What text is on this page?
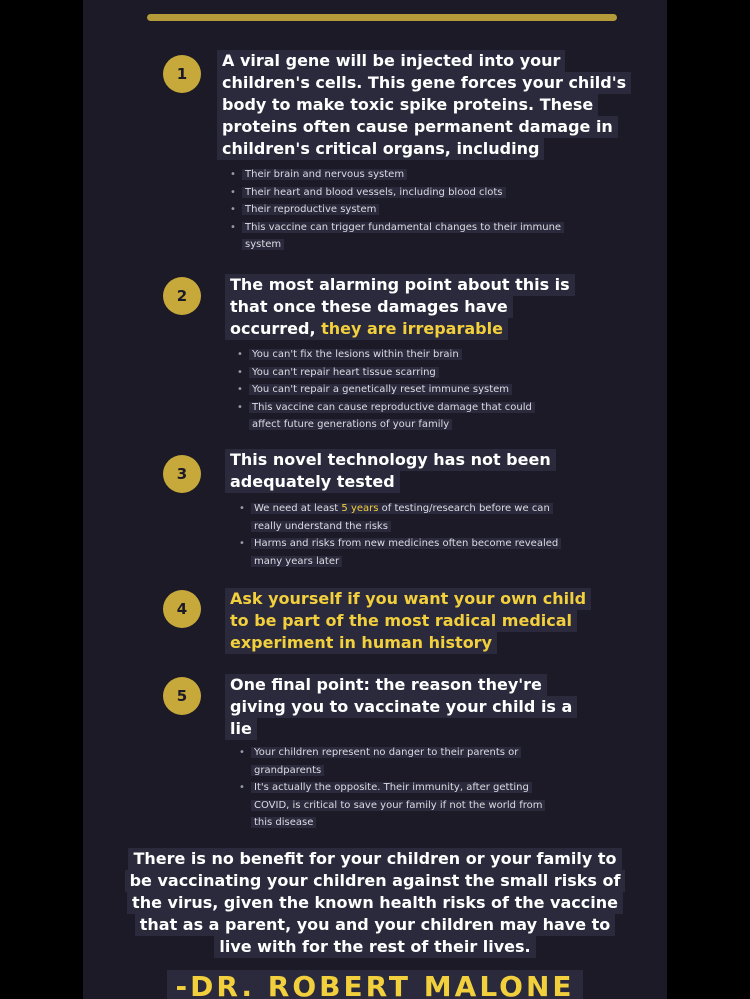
1
A viral gene will be injected into your
children's cells. This gene forces your child's
body to make toxic spike proteins. These
proteins often cause permanent damage in
children's critical organs, including
• Their brain and nervous system
• Their heart and blood vessels, including blood clots
• Their reproductive system
• This vaccine can trigger fundamental changes to their immune
system
2
The most alarming point about this is
that once these damages have
occurred, they are irreparable
• You can't fix the lesions within their brain
• You can't repair heart tissue scarring
• You can't repair a genetically reset immune system
• This vaccine can cause reproductive damage that could
affect future generations of your family
3
This novel technology has not been
adequately tested
• We need at least 5 years of testing/research before we can
really understand the risks
• Harms and risks from new medicines often become revealed
many years later
4
Ask yourself if you want your own child
to be part of the most radical medical
experiment in human history
5
One final point: the reason they're
giving you to vaccinate your child is a
lie
• Your children represent no danger to their parents or
grandparents
• It's actually the opposite. Their immunity, after getting
COVID, is critical to save your family if not the world from
this disease
There is no benefit for your children or your family to
be vaccinating your children against the small risks of
the virus, given the known health risks of the vaccine
that as a parent, you and your children may have to
live with for the rest of their lives.
-DR. ROBERT MALONE
